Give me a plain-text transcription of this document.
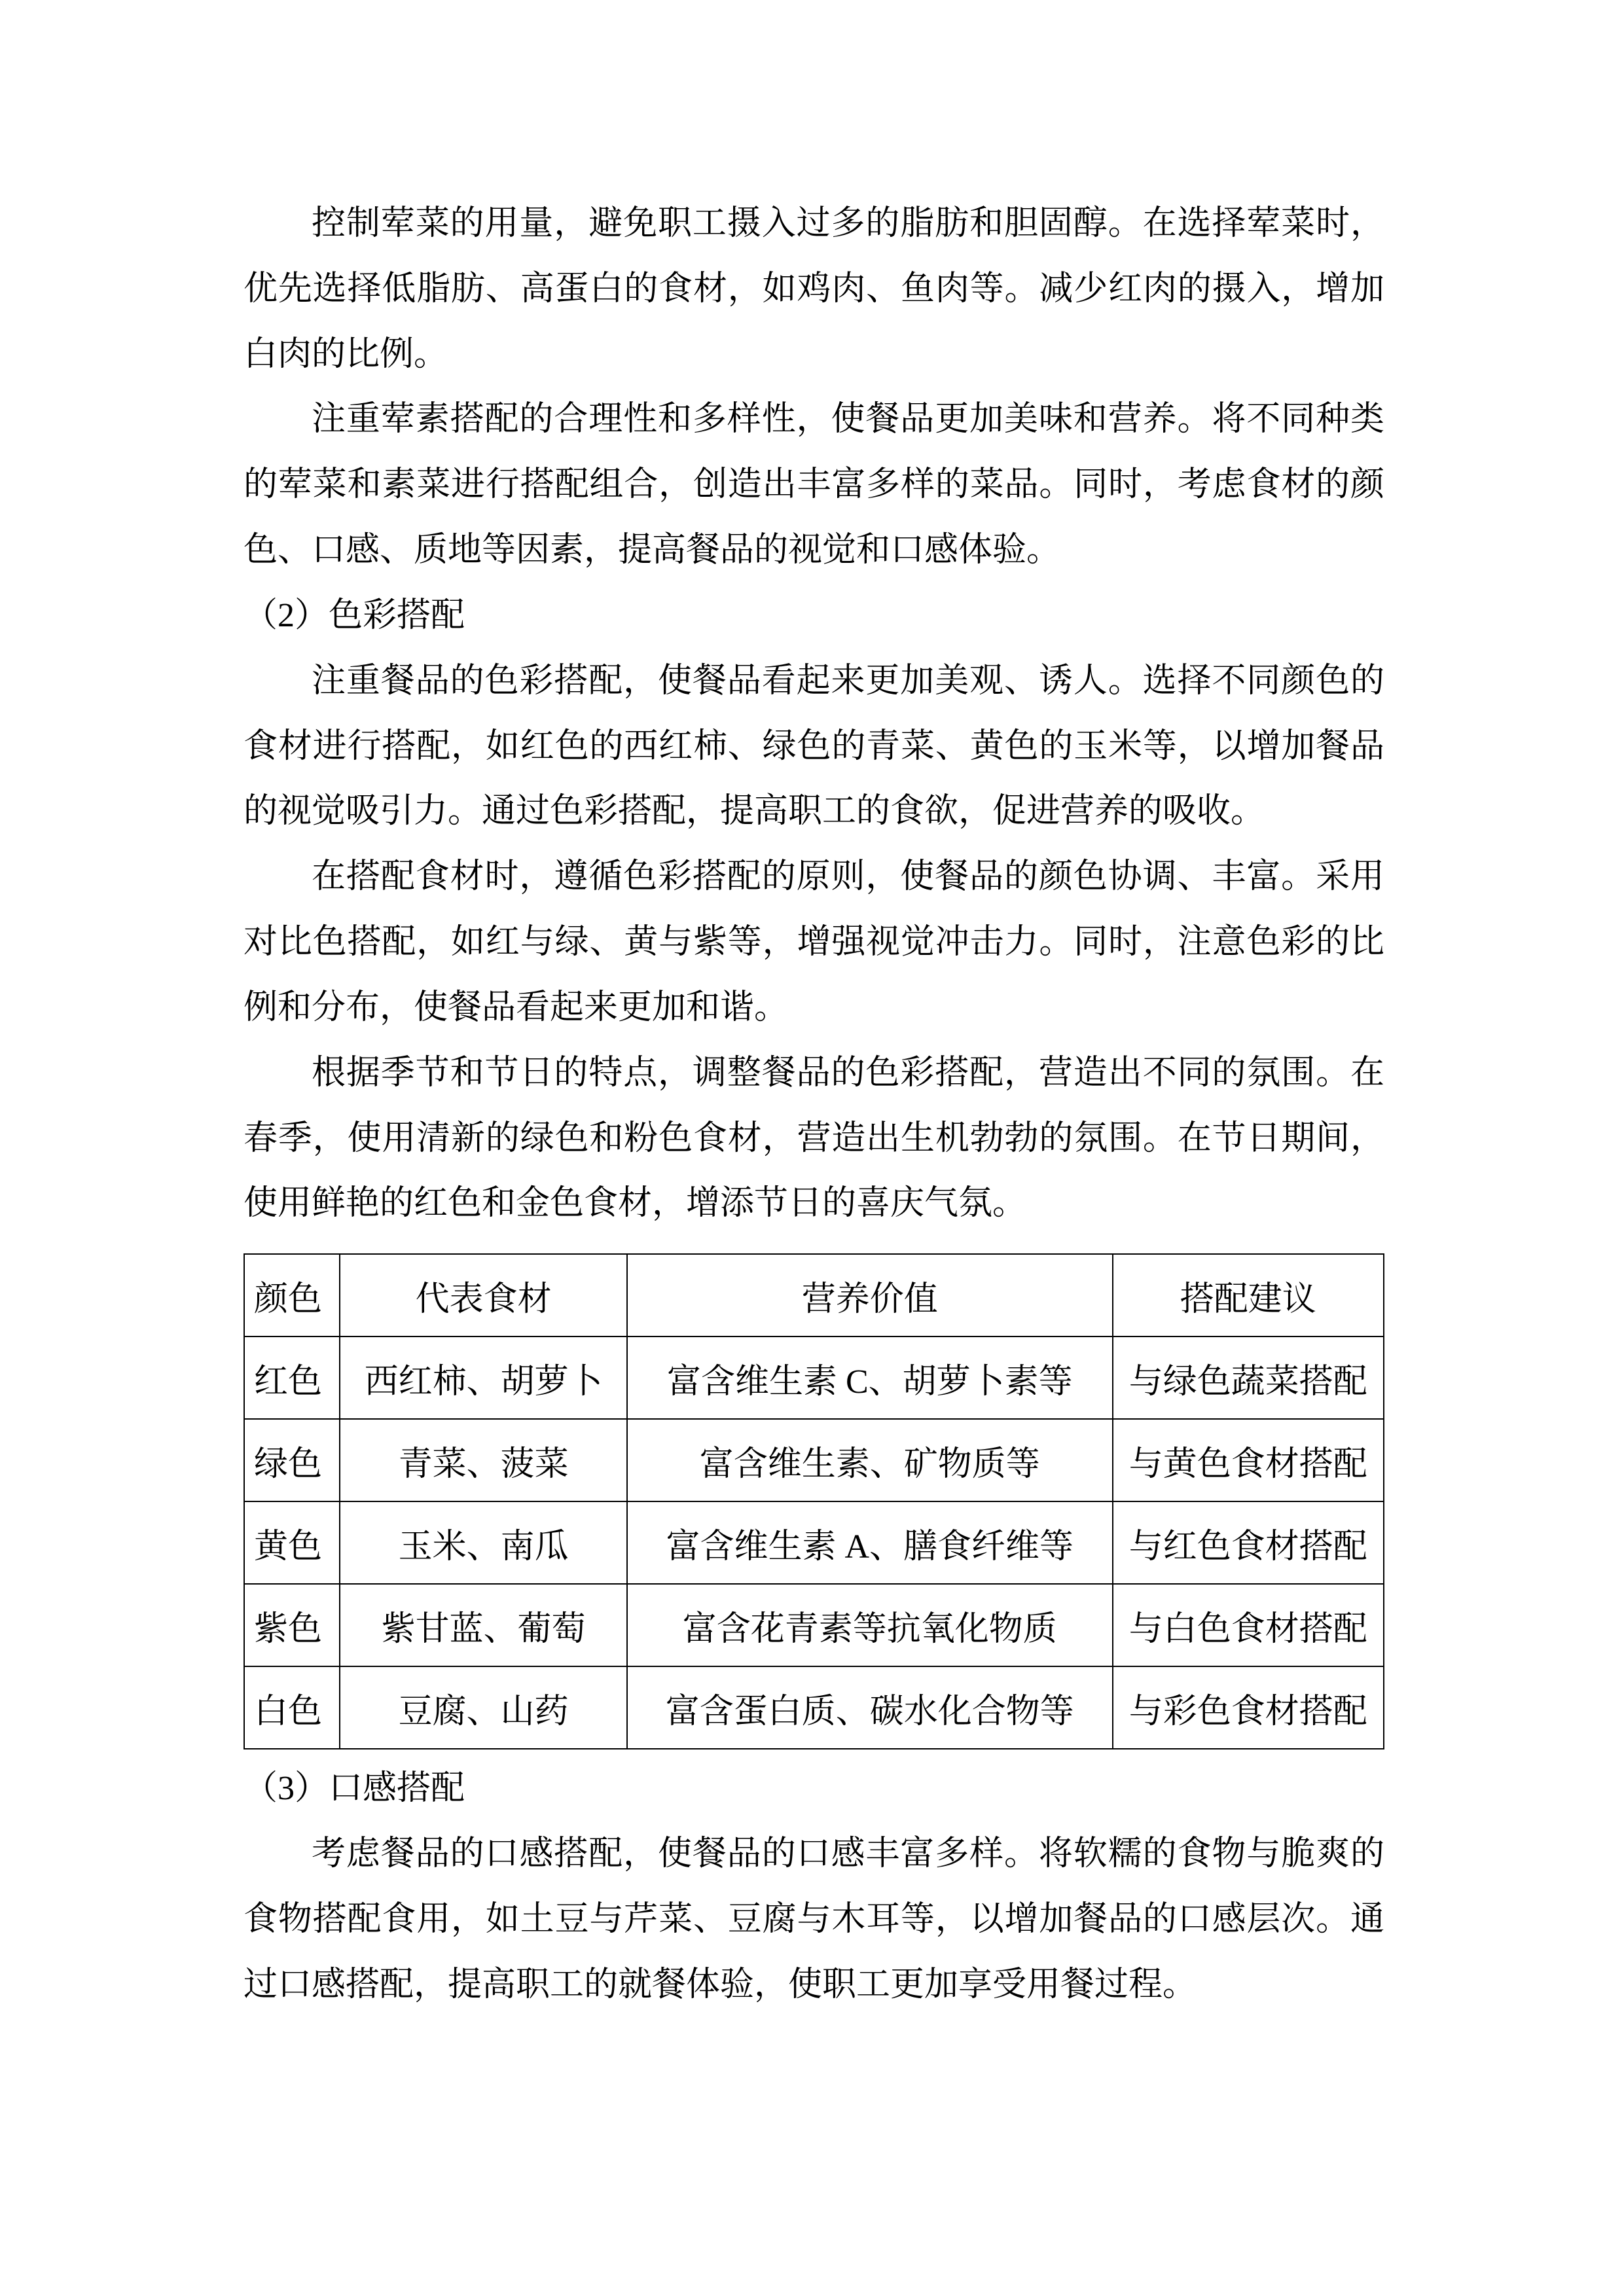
控制荤菜的用量，避免职工摄入过多的脂肪和胆固醇。在选择荤菜时，优先选择低脂肪、高蛋白的食材，如鸡肉、鱼肉等。减少红肉的摄入，增加白肉的比例。

注重荤素搭配的合理性和多样性，使餐品更加美味和营养。将不同种类的荤菜和素菜进行搭配组合，创造出丰富多样的菜品。同时，考虑食材的颜色、口感、质地等因素，提高餐品的视觉和口感体验。

（2）色彩搭配

注重餐品的色彩搭配，使餐品看起来更加美观、诱人。选择不同颜色的食材进行搭配，如红色的西红柿、绿色的青菜、黄色的玉米等，以增加餐品的视觉吸引力。通过色彩搭配，提高职工的食欲，促进营养的吸收。

在搭配食材时，遵循色彩搭配的原则，使餐品的颜色协调、丰富。采用对比色搭配，如红与绿、黄与紫等，增强视觉冲击力。同时，注意色彩的比例和分布，使餐品看起来更加和谐。

根据季节和节日的特点，调整餐品的色彩搭配，营造出不同的氛围。在春季，使用清新的绿色和粉色食材，营造出生机勃勃的氛围。在节日期间，使用鲜艳的红色和金色食材，增添节日的喜庆气氛。

颜色	代表食材	营养价值	搭配建议
红色	西红柿、胡萝卜	富含维生素 C、胡萝卜素等	与绿色蔬菜搭配
绿色	青菜、菠菜	富含维生素、矿物质等	与黄色食材搭配
黄色	玉米、南瓜	富含维生素 A、膳食纤维等	与红色食材搭配
紫色	紫甘蓝、葡萄	富含花青素等抗氧化物质	与白色食材搭配
白色	豆腐、山药	富含蛋白质、碳水化合物等	与彩色食材搭配

（3）口感搭配

考虑餐品的口感搭配，使餐品的口感丰富多样。将软糯的食物与脆爽的食物搭配食用，如土豆与芹菜、豆腐与木耳等，以增加餐品的口感层次。通过口感搭配，提高职工的就餐体验，使职工更加享受用餐过程。
